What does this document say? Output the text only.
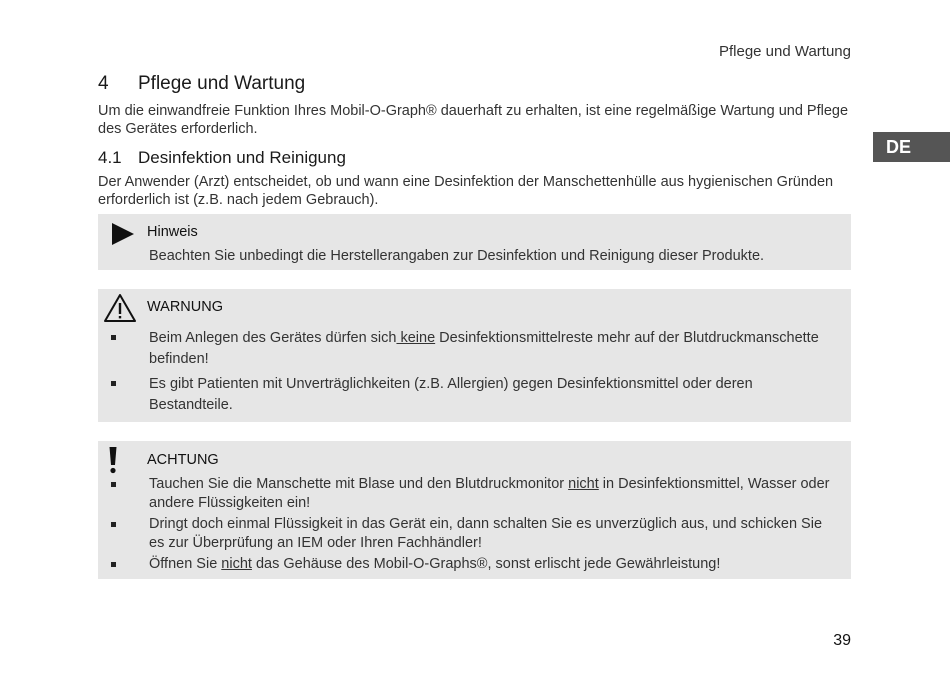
Pflege und Wartung
DE
4 Pflege und Wartung
Um die einwandfreie Funktion Ihres Mobil-O-Graph® dauerhaft zu erhalten, ist eine regelmäßige Wartung und Pflege des Gerätes erforderlich.
4.1 Desinfektion und Reinigung
Der Anwender (Arzt) entscheidet, ob und wann eine Desinfektion der Manschettenhülle aus hygienischen Gründen erforderlich ist (z.B. nach jedem Gebrauch).
Hinweis
Beachten Sie unbedingt die Herstellerangaben zur Desinfektion und Reinigung dieser Produkte.
WARNUNG
Beim Anlegen des Gerätes dürfen sich keine Desinfektionsmittelreste mehr auf der Blutdruckmanschette befinden!
Es gibt Patienten mit Unverträglichkeiten (z.B. Allergien) gegen Desinfektionsmittel oder deren Bestandteile.
ACHTUNG
Tauchen Sie die Manschette mit Blase und den Blutdruckmonitor nicht in Desinfektionsmittel, Wasser oder andere Flüssigkeiten ein!
Dringt doch einmal Flüssigkeit in das Gerät ein, dann schalten Sie es unverzüglich aus, und schicken Sie es zur Überprüfung an IEM oder Ihren Fachhändler!
Öffnen Sie nicht das Gehäuse des Mobil-O-Graphs®, sonst erlischt jede Gewährleistung!
39
